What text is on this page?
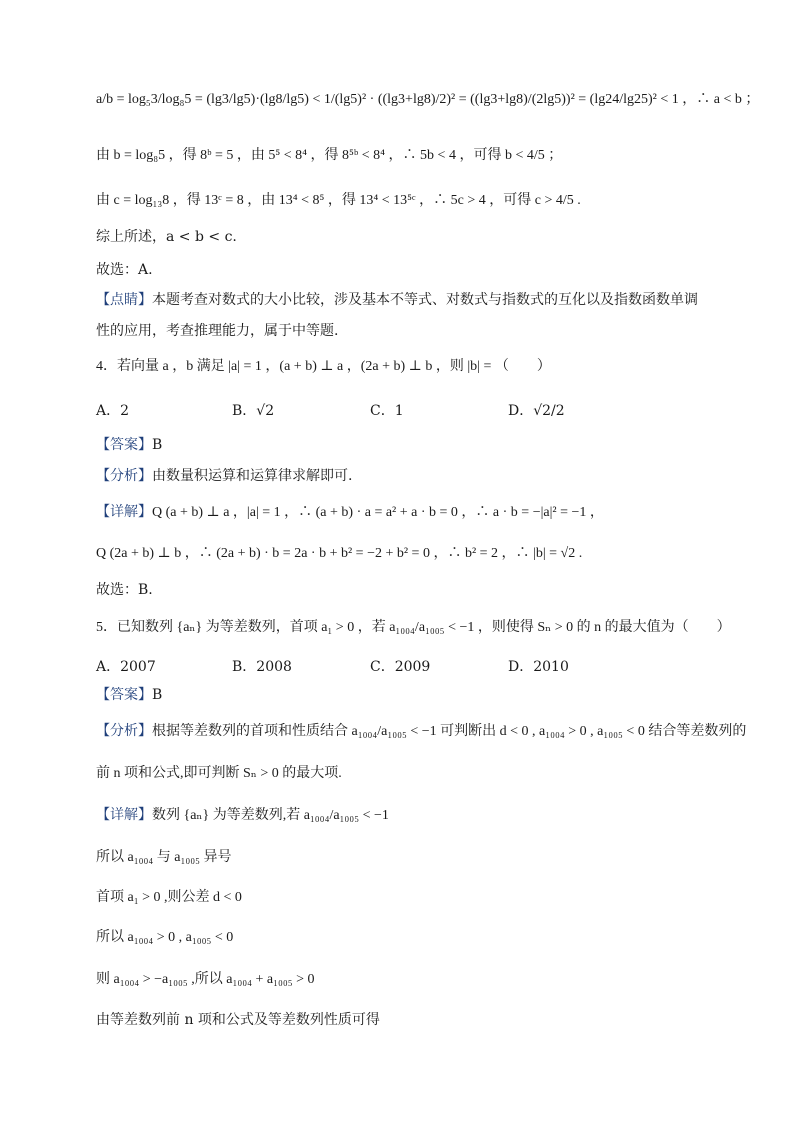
a/b = log₅3/log₈5 = (lg3/lg5)·(lg8/lg5) < 1/(lg5)² · ((lg3+lg8)/2)² = ((lg3+lg8)/(2lg5))² = (lg24/lg25)² < 1 ，∴ a < b ；
由 b = log₈5 ，得 8ᵇ = 5 ，由 5⁵ < 8⁴ ，得 8⁵ᵇ < 8⁴ ，∴ 5b < 4 ，可得 b < 4/5 ；
由 c = log₁₃8 ，得 13ᶜ = 8 ，由 13⁴ < 8⁵ ，得 13⁴ < 13⁵ᶜ ，∴ 5c > 4 ，可得 c > 4/5 .
综上所述，a < b < c.
故选：A.
【点睛】本题考查对数式的大小比较，涉及基本不等式、对数式与指数式的互化以及指数函数单调
性的应用，考查推理能力，属于中等题.
4．若向量 a ，b 满足 |a| = 1 ，(a + b) ⊥ a ，(2a + b) ⊥ b ，则 |b| = （　　）
A．2	B．√2	C．1	D．√2/2
【答案】B
【分析】由数量积运算和运算律求解即可.
【详解】Q (a + b) ⊥ a ，|a| = 1 ，∴ (a + b) · a = a² + a · b = 0 ，∴ a · b = −|a|² = −1 ，
Q (2a + b) ⊥ b ，∴ (2a + b) · b = 2a · b + b² = −2 + b² = 0 ，∴ b² = 2 ，∴ |b| = √2 .
故选：B.
5．已知数列 {aₙ} 为等差数列，首项 a₁ > 0 ，若 a₁₀₀₄/a₁₀₀₅ < −1 ，则使得 Sₙ > 0 的 n 的最大值为（　　）
A．2007	B．2008	C．2009	D．2010
【答案】B
【分析】根据等差数列的首项和性质结合 a₁₀₀₄/a₁₀₀₅ < −1 可判断出 d < 0 , a₁₀₀₄ > 0 , a₁₀₀₅ < 0 结合等差数列的
前 n 项和公式,即可判断 Sₙ > 0 的最大项.
【详解】数列 {aₙ} 为等差数列,若 a₁₀₀₄/a₁₀₀₅ < −1
所以 a₁₀₀₄ 与 a₁₀₀₅ 异号
首项 a₁ > 0 ,则公差 d < 0
所以 a₁₀₀₄ > 0 , a₁₀₀₅ < 0
则 a₁₀₀₄ > −a₁₀₀₅ ,所以 a₁₀₀₄ + a₁₀₀₅ > 0
由等差数列前 n 项和公式及等差数列性质可得
